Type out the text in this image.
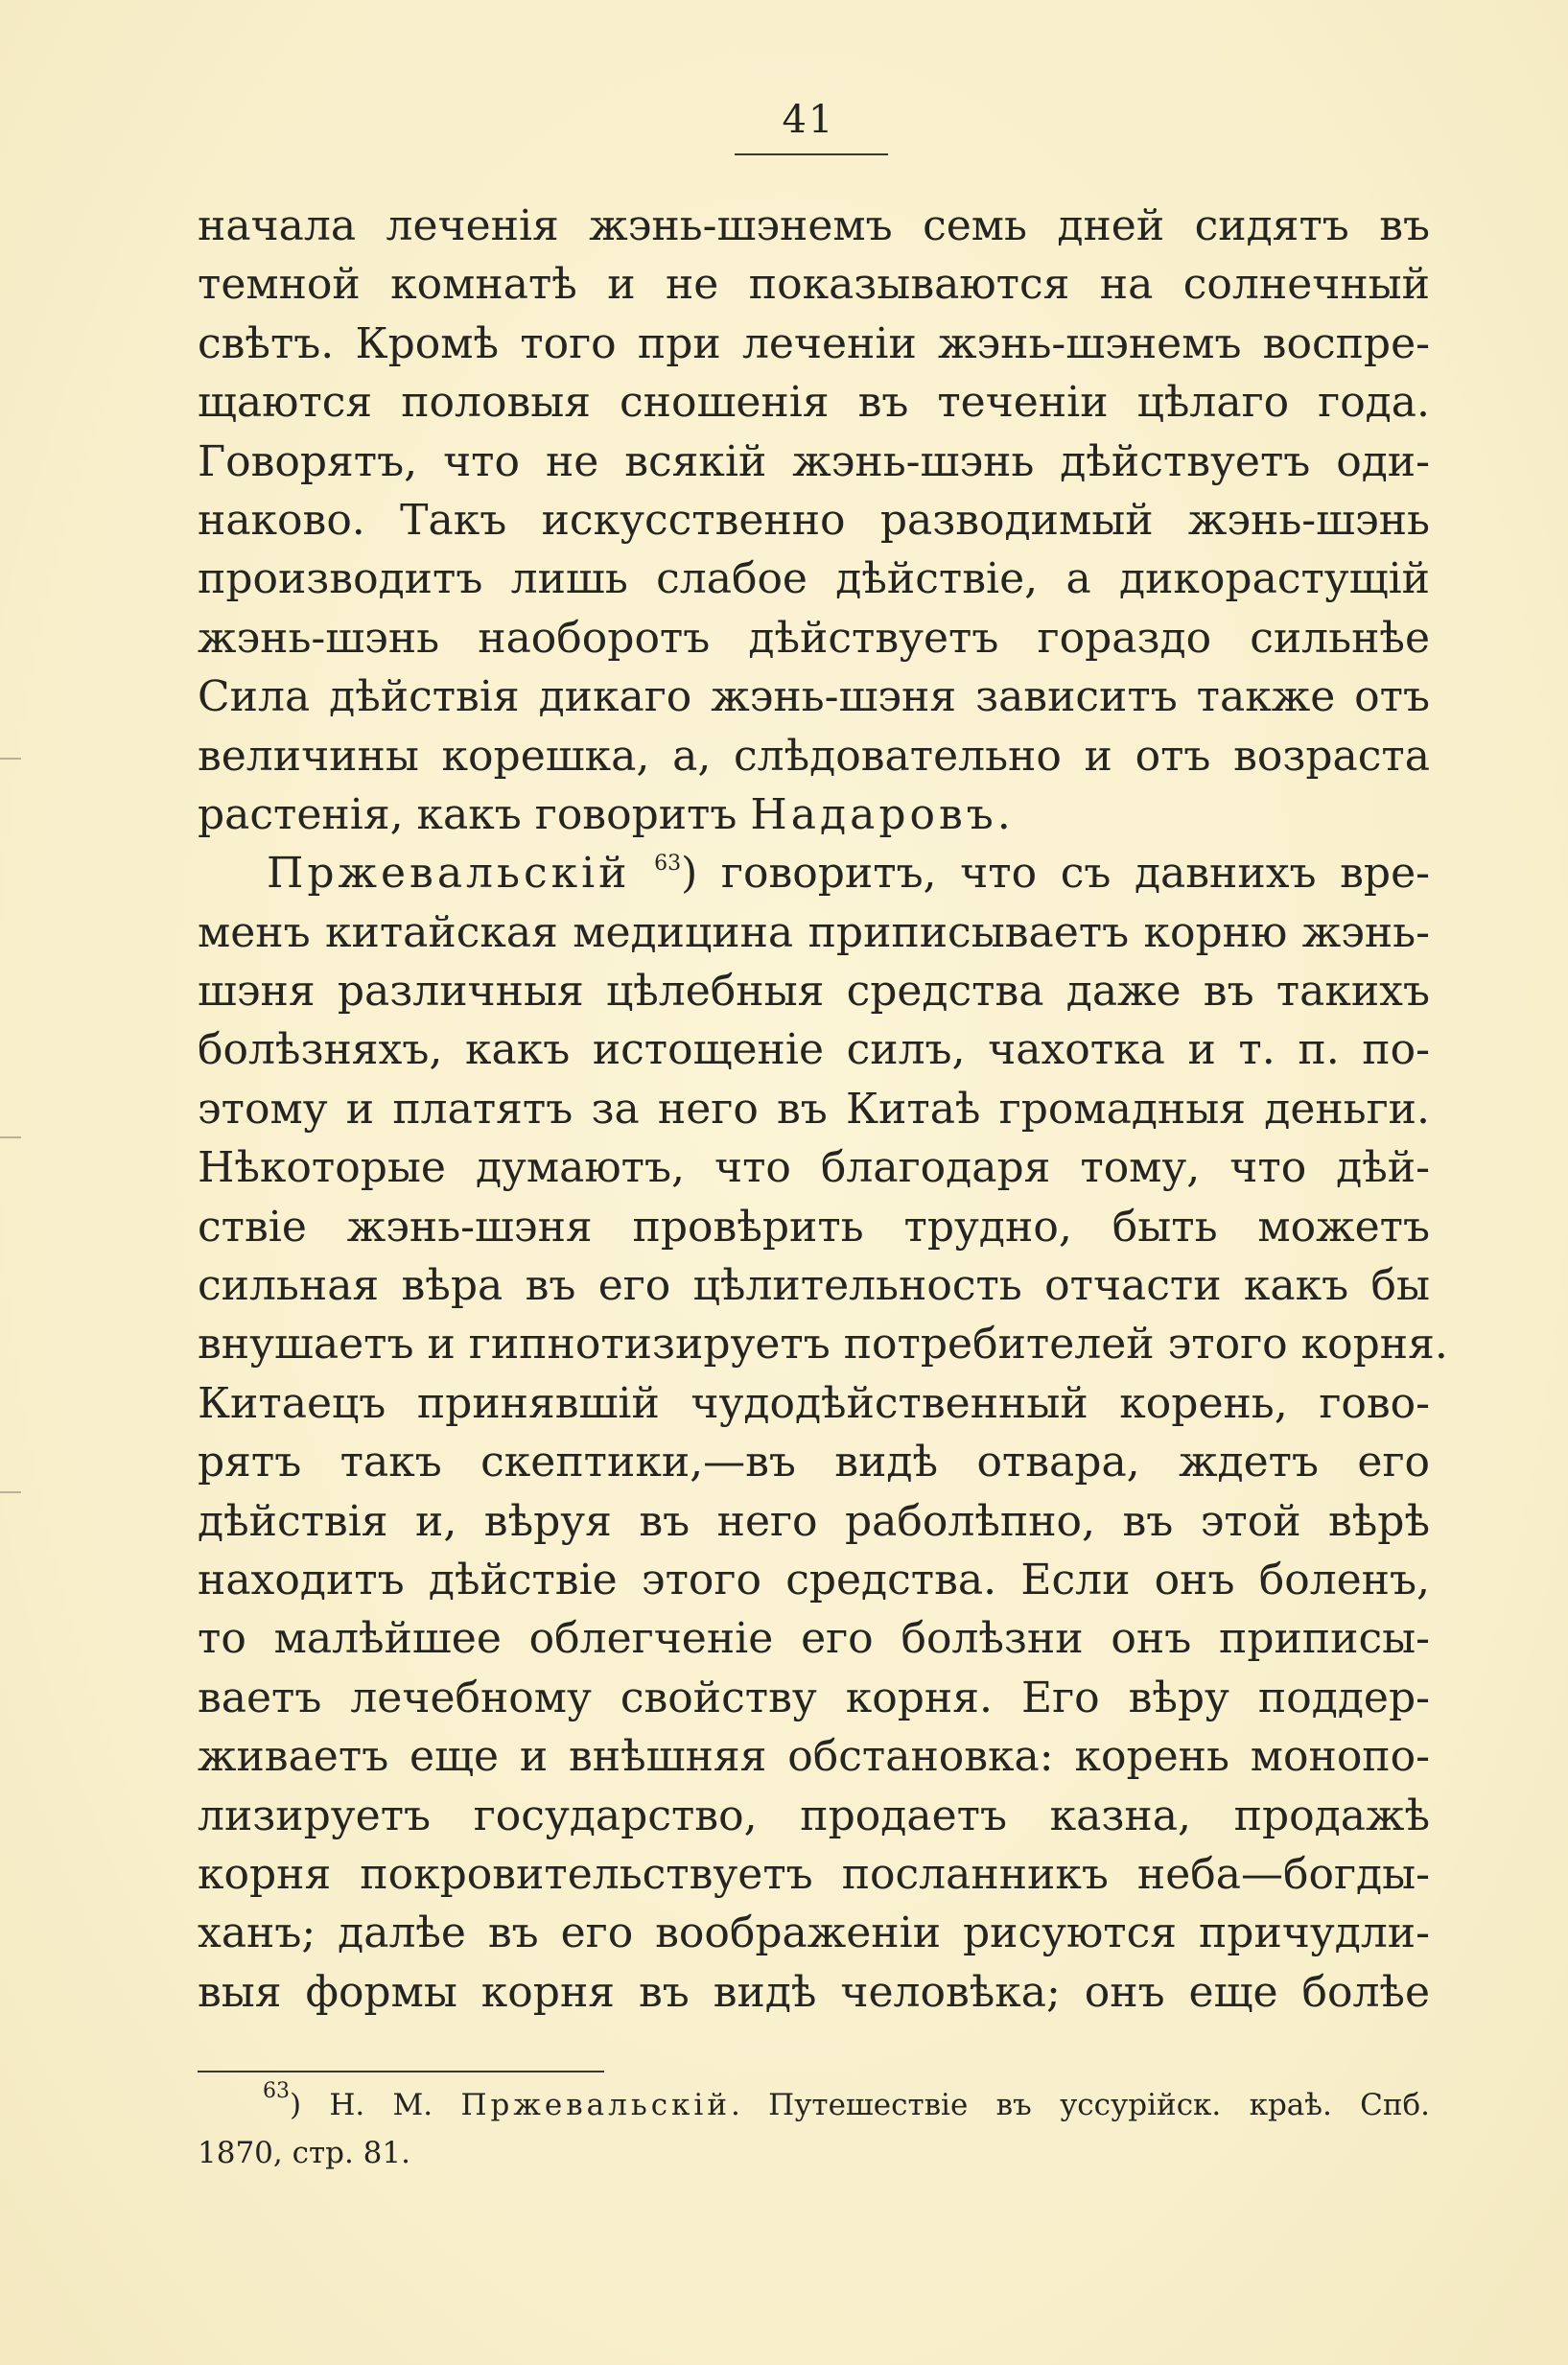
41
начала леченія жэнь-шэнемъ семь дней сидятъ въ
темной комнатѣ и не показываются на солнечный
свѣтъ. Кромѣ того при леченіи жэнь-шэнемъ воспре-
щаются половыя сношенія въ теченіи цѣлаго года.
Говорятъ, что не всякій жэнь-шэнь дѣйствуетъ оди-
наково. Такъ искусственно разводимый жэнь-шэнь
производитъ лишь слабое дѣйствіе, а дикорастущій
жэнь-шэнь наоборотъ дѣйствуетъ гораздо сильнѣе
Сила дѣйствія дикаго жэнь-шэня зависитъ также отъ
величины корешка, а, слѣдовательно и отъ возраста
растенія, какъ говоритъ Надаровъ.
Пржевальскій $^{63}$) говоритъ, что съ давнихъ вре-
менъ китайская медицина приписываетъ корню жэнь-
шэня различныя цѣлебныя средства даже въ такихъ
болѣзняхъ, какъ истощеніе силъ, чахотка и т. п. по-
этому и платятъ за него въ Китаѣ громадныя деньги.
Нѣкоторые думаютъ, что благодаря тому, что дѣй-
ствіе жэнь-шэня провѣрить трудно, быть можетъ
сильная вѣра въ его цѣлительность отчасти какъ бы
внушаетъ и гипнотизируетъ потребителей этого корня.
Китаецъ принявшій чудодѣйственный корень, гово-
рятъ такъ скептики,—въ видѣ отвара, ждетъ его
дѣйствія и, вѣруя въ него раболѣпно, въ этой вѣрѣ
находитъ дѣйствіе этого средства. Если онъ боленъ,
то малѣйшее облегченіе его болѣзни онъ приписы-
ваетъ лечебному свойству корня. Его вѣру поддер-
живаетъ еще и внѣшняя обстановка: корень монопо-
лизируетъ государство, продаетъ казна, продажѣ
корня покровительствуетъ посланникъ неба—богды-
ханъ; далѣе въ его воображеніи рисуются причудли-
выя формы корня въ видѣ человѣка; онъ еще болѣе
$^{63}$) Н. М. Пржевальскій. Путешествіе въ уссурійск. краѣ. Спб.
1870, стр. 81.
